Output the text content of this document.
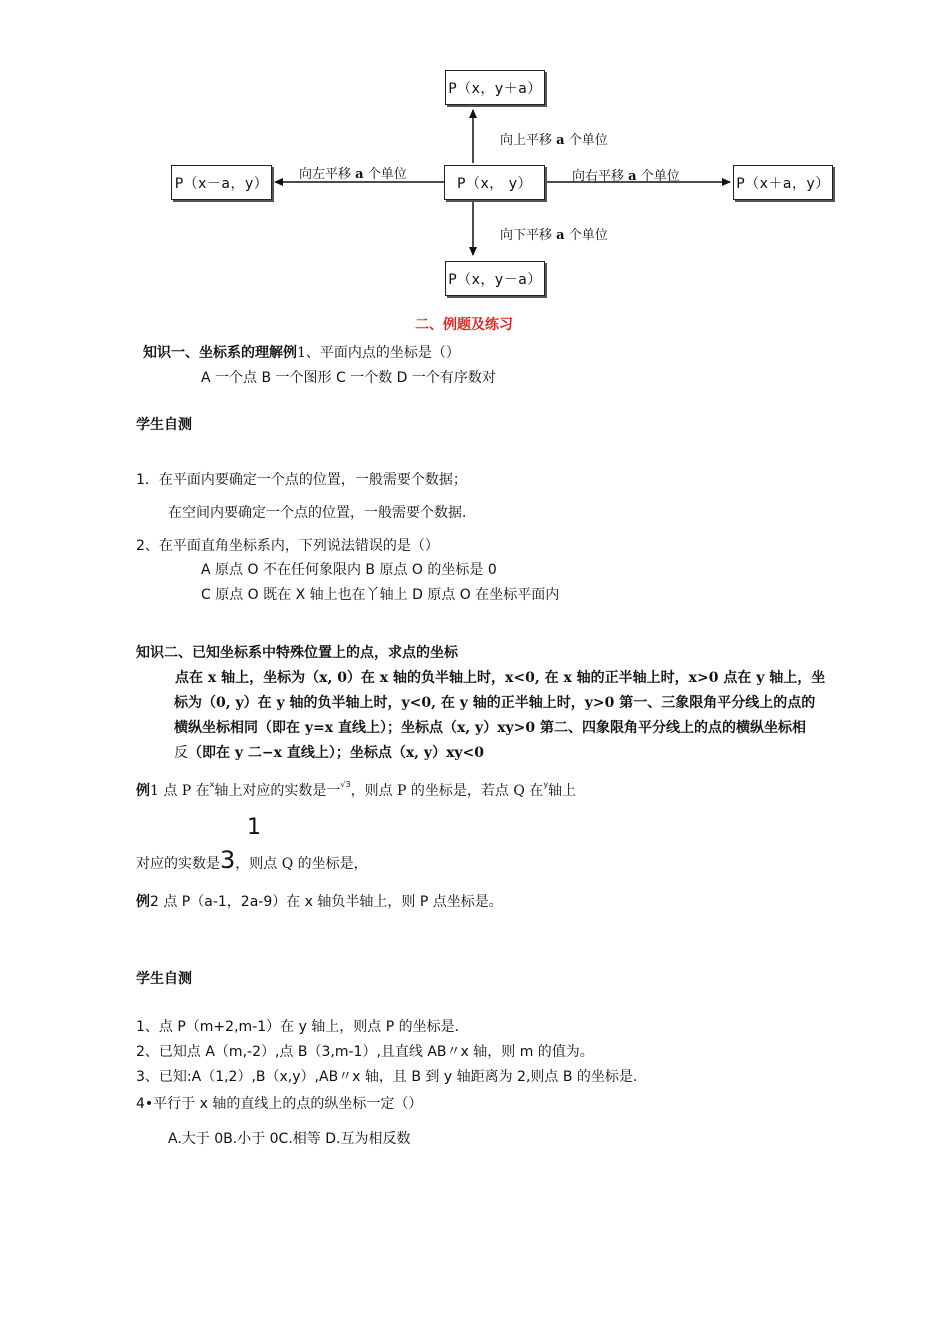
P（x，y＋a）
P（x－a，y）	P（x， y）	P（x＋a，y）
P（x，y－a）
向上平移 a 个单位
向左平移 a 个单位	向右平移 a 个单位
向下平移 a 个单位
二、例题及练习
知识一、坐标系的理解例1、平面内点的坐标是（）
A 一个点 B 一个图形 C 一个数 D 一个有序数对
学生自测
1．在平面内要确定一个点的位置，一般需要个数据；
在空间内要确定一个点的位置，一般需要个数据．
2、在平面直角坐标系内，下列说法错误的是（）
A 原点 O 不在任何象限内 B 原点 O 的坐标是 0
C 原点 O 既在 X 轴上也在丫轴上 D 原点 O 在坐标平面内
知识二、已知坐标系中特殊位置上的点，求点的坐标
点在 x 轴上，坐标为（x, 0）在 x 轴的负半轴上时，x<0, 在 x 轴的正半轴上时，x>0 点在 y 轴上，坐
标为（0, y）在 y 轴的负半轴上时，y<0, 在 y 轴的正半轴上时，y>0 第一、三象限角平分线上的点的
横纵坐标相同（即在 y=x 直线上）；坐标点（x, y）xy>0 第二、四象限角平分线上的点的横纵坐标相
反（即在 y 二−x 直线上）；坐标点（x, y）xy<0
例1 点 P 在$^x$轴上对应的实数是一$^{√3}$，则点 P 的坐标是，若点 Q 在$^y$轴上
1
对应的实数是3，则点 Q 的坐标是，
例2 点 P（a-1，2a-9）在 x 轴负半轴上，则 P 点坐标是。
学生自测
1、点 P（m+2,m-1）在 y 轴上，则点 P 的坐标是.
2、已知点 A（m,-2）,点 B（3,m-1）,且直线 AB〃x 轴，则 m 的值为。
3、已知:A（1,2）,B（x,y）,AB〃x 轴，且 B 到 y 轴距离为 2,则点 B 的坐标是.
4•平行于 x 轴的直线上的点的纵坐标一定（）
A.大于 0B.小于 0C.相等 D.互为相反数
